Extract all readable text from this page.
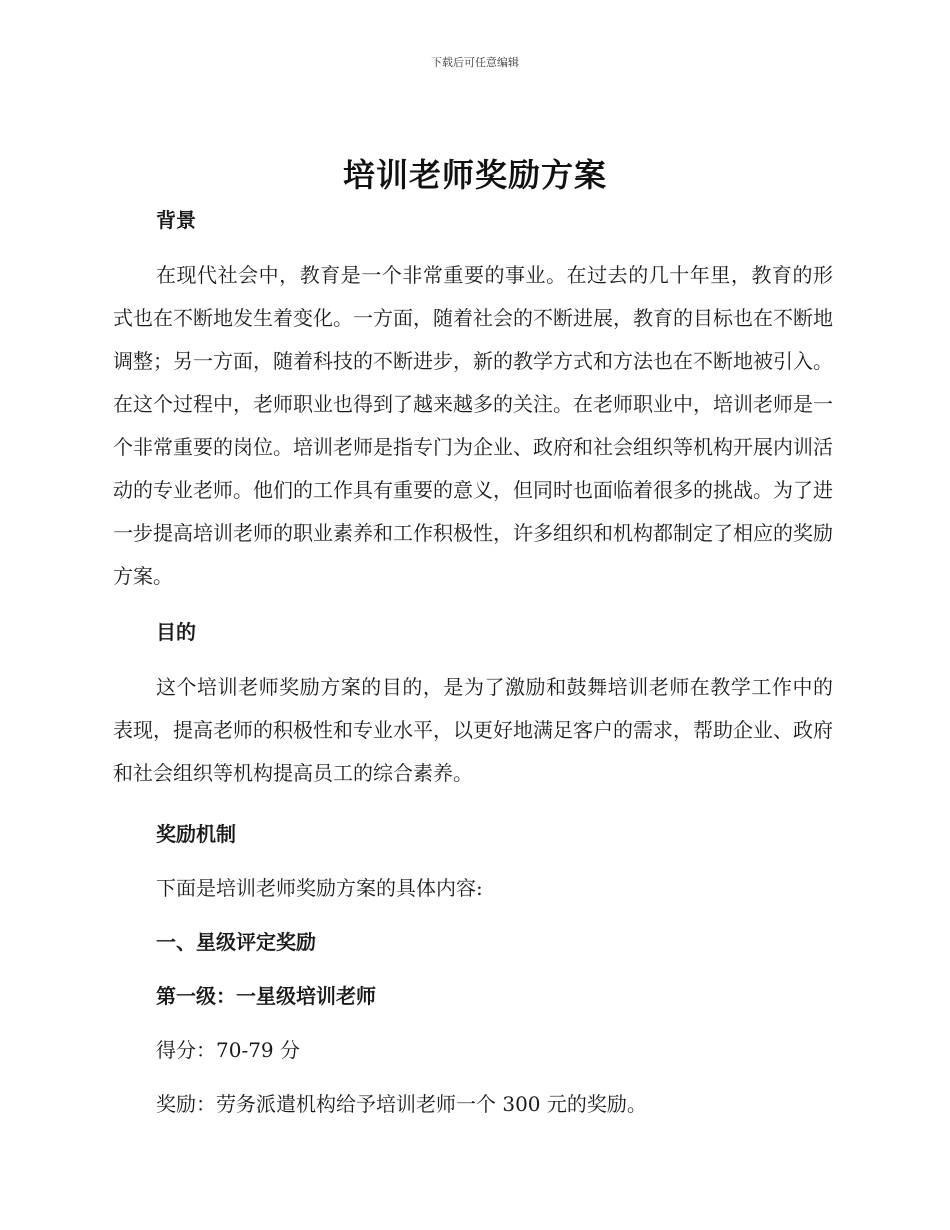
下载后可任意编辑
培训老师奖励方案

背景

在现代社会中，教育是一个非常重要的事业。在过去的几十年里，教育的形式也在不断地发生着变化。一方面，随着社会的不断进展，教育的目标也在不断地调整；另一方面，随着科技的不断进步，新的教学方式和方法也在不断地被引入。在这个过程中，老师职业也得到了越来越多的关注。在老师职业中，培训老师是一个非常重要的岗位。培训老师是指专门为企业、政府和社会组织等机构开展内训活动的专业老师。他们的工作具有重要的意义，但同时也面临着很多的挑战。为了进一步提高培训老师的职业素养和工作积极性，许多组织和机构都制定了相应的奖励方案。

目的

这个培训老师奖励方案的目的，是为了激励和鼓舞培训老师在教学工作中的表现，提高老师的积极性和专业水平，以更好地满足客户的需求，帮助企业、政府和社会组织等机构提高员工的综合素养。

奖励机制

下面是培训老师奖励方案的具体内容:

一、星级评定奖励

第一级：一星级培训老师

得分：70-79 分

奖励：劳务派遣机构给予培训老师一个 300 元的奖励。
